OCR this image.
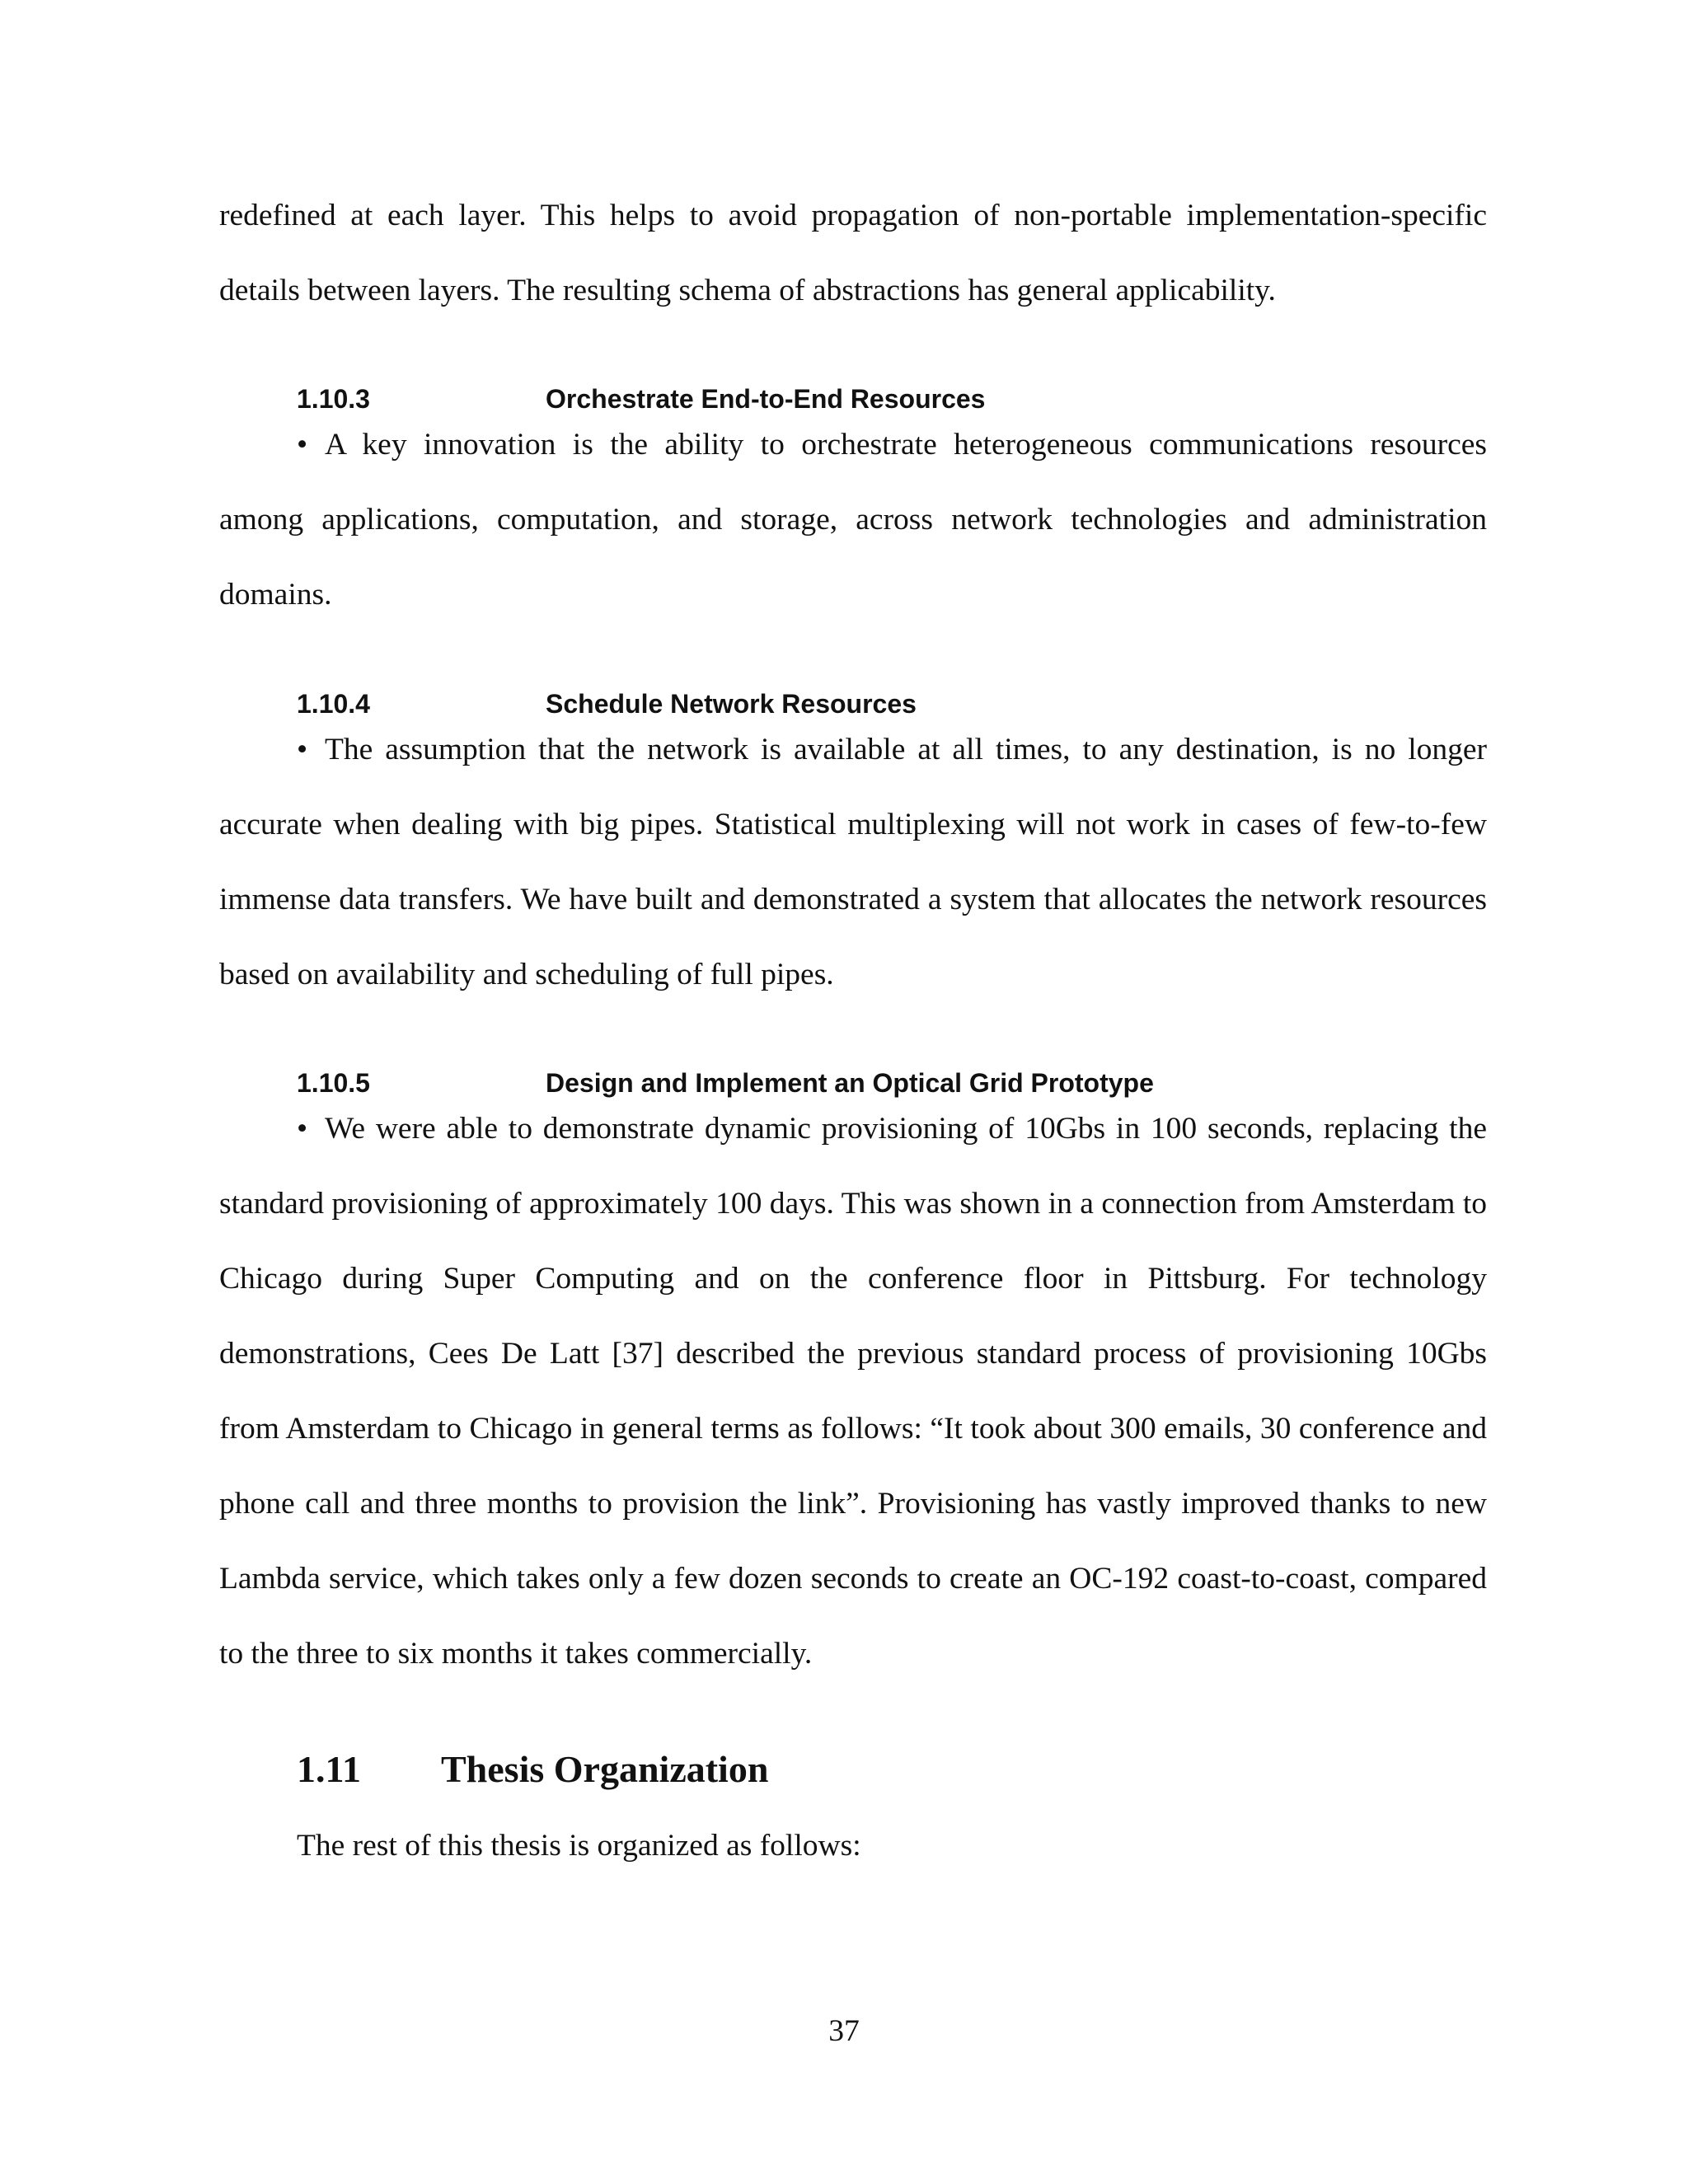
redefined at each layer. This helps to avoid propagation of non-portable implementation-specific details between layers. The resulting schema of abstractions has general applicability.

1.10.3	Orchestrate End-to-End Resources

• A key innovation is the ability to orchestrate heterogeneous communications resources among applications, computation, and storage, across network technologies and administration domains.

1.10.4	Schedule Network Resources

• The assumption that the network is available at all times, to any destination, is no longer accurate when dealing with big pipes. Statistical multiplexing will not work in cases of few-to-few immense data transfers. We have built and demonstrated a system that allocates the network resources based on availability and scheduling of full pipes.

1.10.5	Design and Implement an Optical Grid Prototype

• We were able to demonstrate dynamic provisioning of 10Gbs in 100 seconds, replacing the standard provisioning of approximately 100 days. This was shown in a connection from Amsterdam to Chicago during Super Computing and on the conference floor in Pittsburg. For technology demonstrations, Cees De Latt [37] described the previous standard process of provisioning 10Gbs from Amsterdam to Chicago in general terms as follows: “It took about 300 emails, 30 conference and phone call and three months to provision the link”. Provisioning has vastly improved thanks to new Lambda service, which takes only a few dozen seconds to create an OC-192 coast-to-coast, compared to the three to six months it takes commercially.

1.11 Thesis Organization

The rest of this thesis is organized as follows:

37
